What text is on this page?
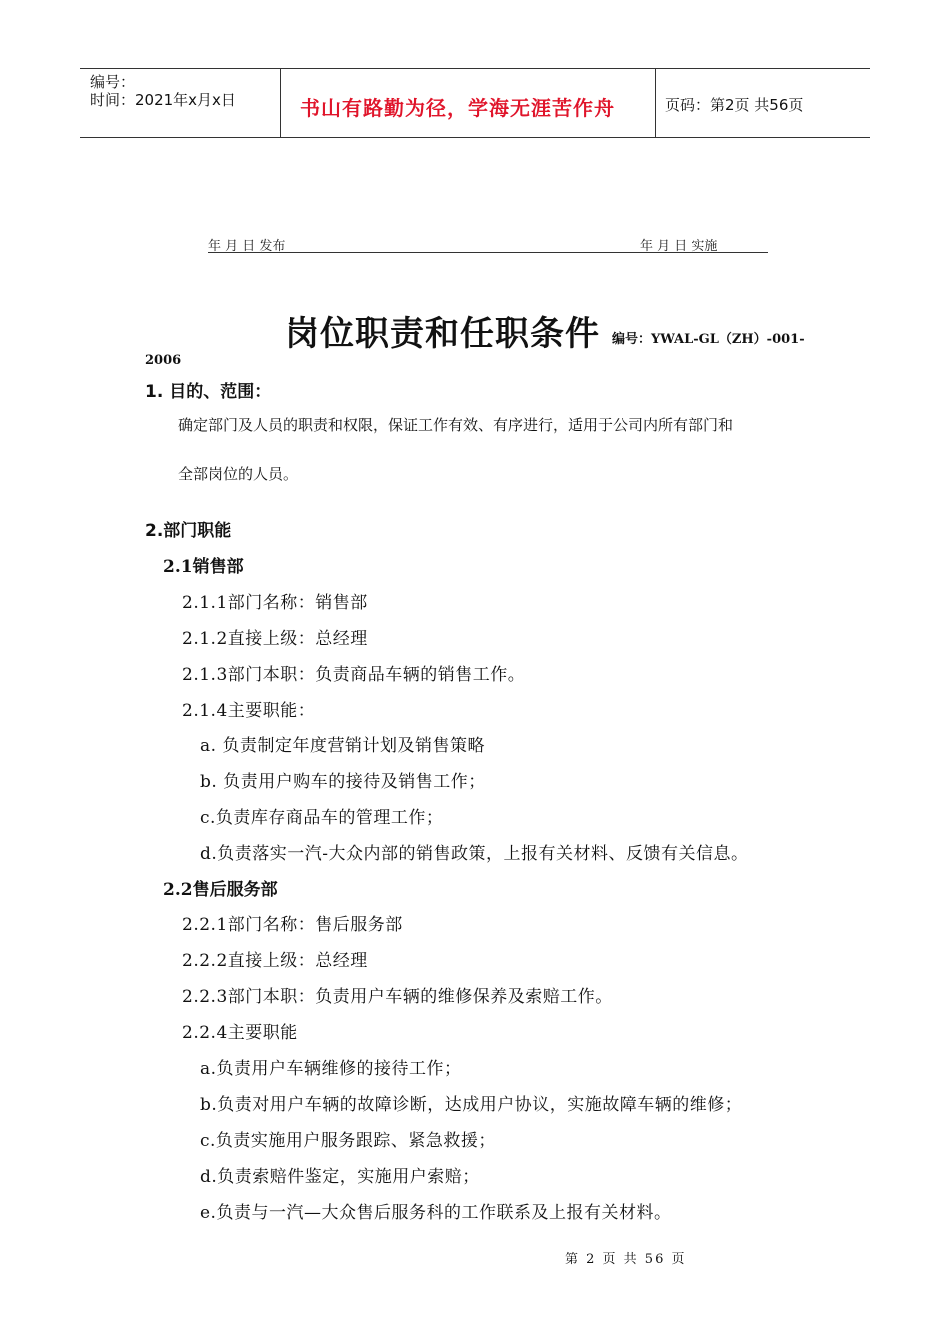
编号：
时间：2021年x月x日	书山有路勤为径，学海无涯苦作舟	页码：第2页 共56页
年 月 日 发布	年 月 日 实施
岗位职责和任职条件 编号：YWAL-GL（ZH）-001-
2006
1. 目的、范围：
确定部门及人员的职责和权限，保证工作有效、有序进行，适用于公司内所有部门和
全部岗位的人员。
2.部门职能
2.1销售部
2.1.1部门名称：销售部
2.1.2直接上级：总经理
2.1.3部门本职：负责商品车辆的销售工作。
2.1.4主要职能：
a. 负责制定年度营销计划及销售策略
b. 负责用户购车的接待及销售工作；
c.负责库存商品车的管理工作；
d.负责落实一汽-大众内部的销售政策，上报有关材料、反馈有关信息。
2.2售后服务部
2.2.1部门名称：售后服务部
2.2.2直接上级：总经理
2.2.3部门本职：负责用户车辆的维修保养及索赔工作。
2.2.4主要职能
a.负责用户车辆维修的接待工作；
b.负责对用户车辆的故障诊断，达成用户协议，实施故障车辆的维修；
c.负责实施用户服务跟踪、紧急救援；
d.负责索赔件鉴定，实施用户索赔；
e.负责与一汽—大众售后服务科的工作联系及上报有关材料。
第 2 页 共 56 页
